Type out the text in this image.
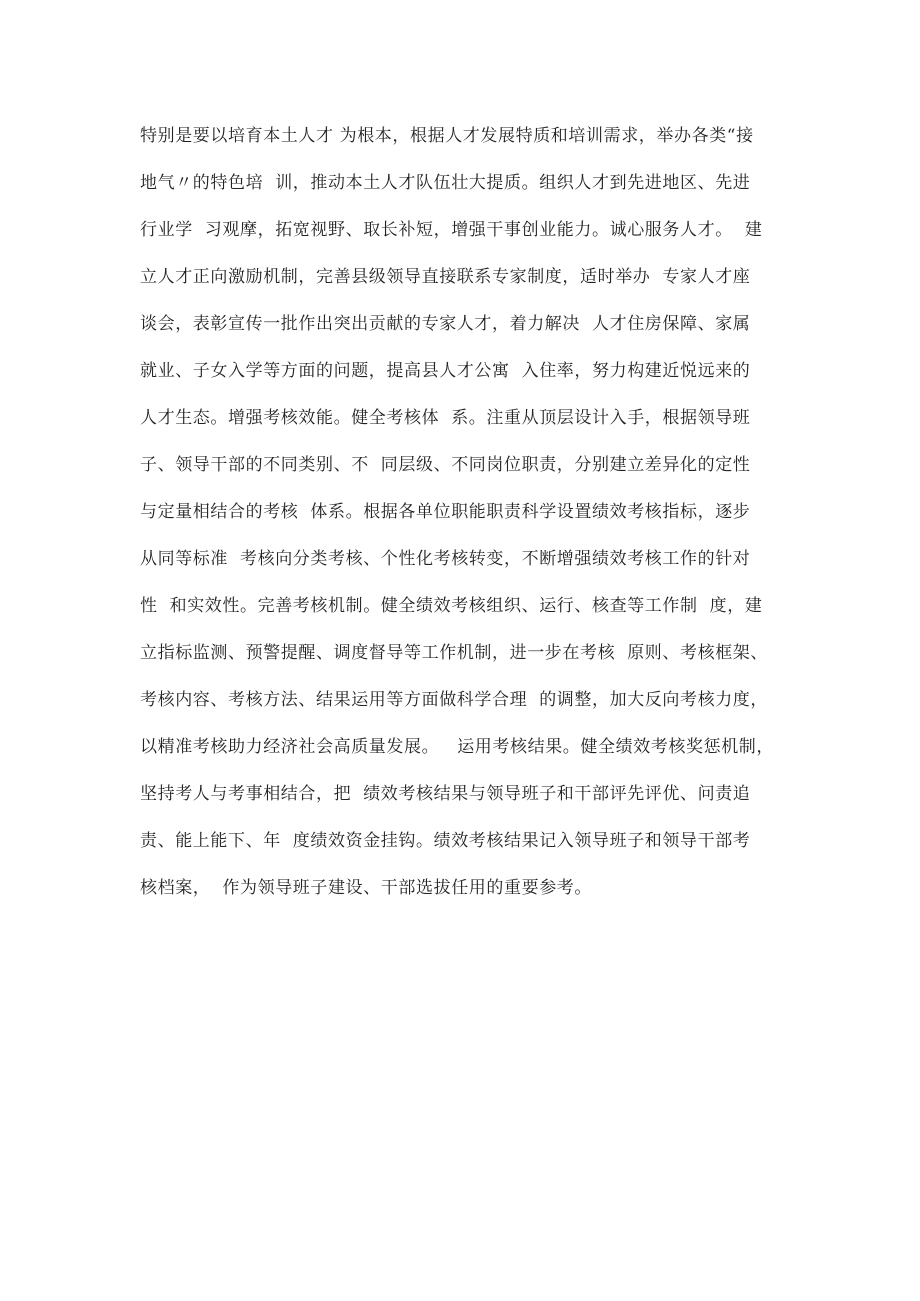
特别是要以培育本土人才 为根本，根据人才发展特质和培训需求，举办各类“接
地气〃的特色培  训，推动本土人才队伍壮大提质。组织人才到先进地区、先进
行业学  习观摩，拓宽视野、取长补短，增强干事创业能力。诚心服务人才。  建
立人才正向激励机制，完善县级领导直接联系专家制度，适时举办  专家人才座
谈会，表彰宣传一批作出突出贡献的专家人才，着力解决  人才住房保障、家属
就业、子女入学等方面的问题，提高县人才公寓  入住率，努力构建近悦远来的
人才生态。增强考核效能。健全考核体  系。注重从顶层设计入手，根据领导班
子、领导干部的不同类别、不  同层级、不同岗位职责，分别建立差异化的定性
与定量相结合的考核  体系。根据各单位职能职责科学设置绩效考核指标，逐步
从同等标准  考核向分类考核、个性化考核转变，不断增强绩效考核工作的针对
性  和实效性。完善考核机制。健全绩效考核组织、运行、核查等工作制  度，建
立指标监测、预警提醒、调度督导等工作机制，进一步在考核  原则、考核框架、
考核内容、考核方法、结果运用等方面做科学合理  的调整，加大反向考核力度，
以精准考核助力经济社会高质量发展。   运用考核结果。健全绩效考核奖惩机制，
坚持考人与考事相结合，把  绩效考核结果与领导班子和干部评先评优、问责追
责、能上能下、年  度绩效资金挂钩。绩效考核结果记入领导班子和领导干部考
核档案，  作为领导班子建设、干部选拔任用的重要参考。
